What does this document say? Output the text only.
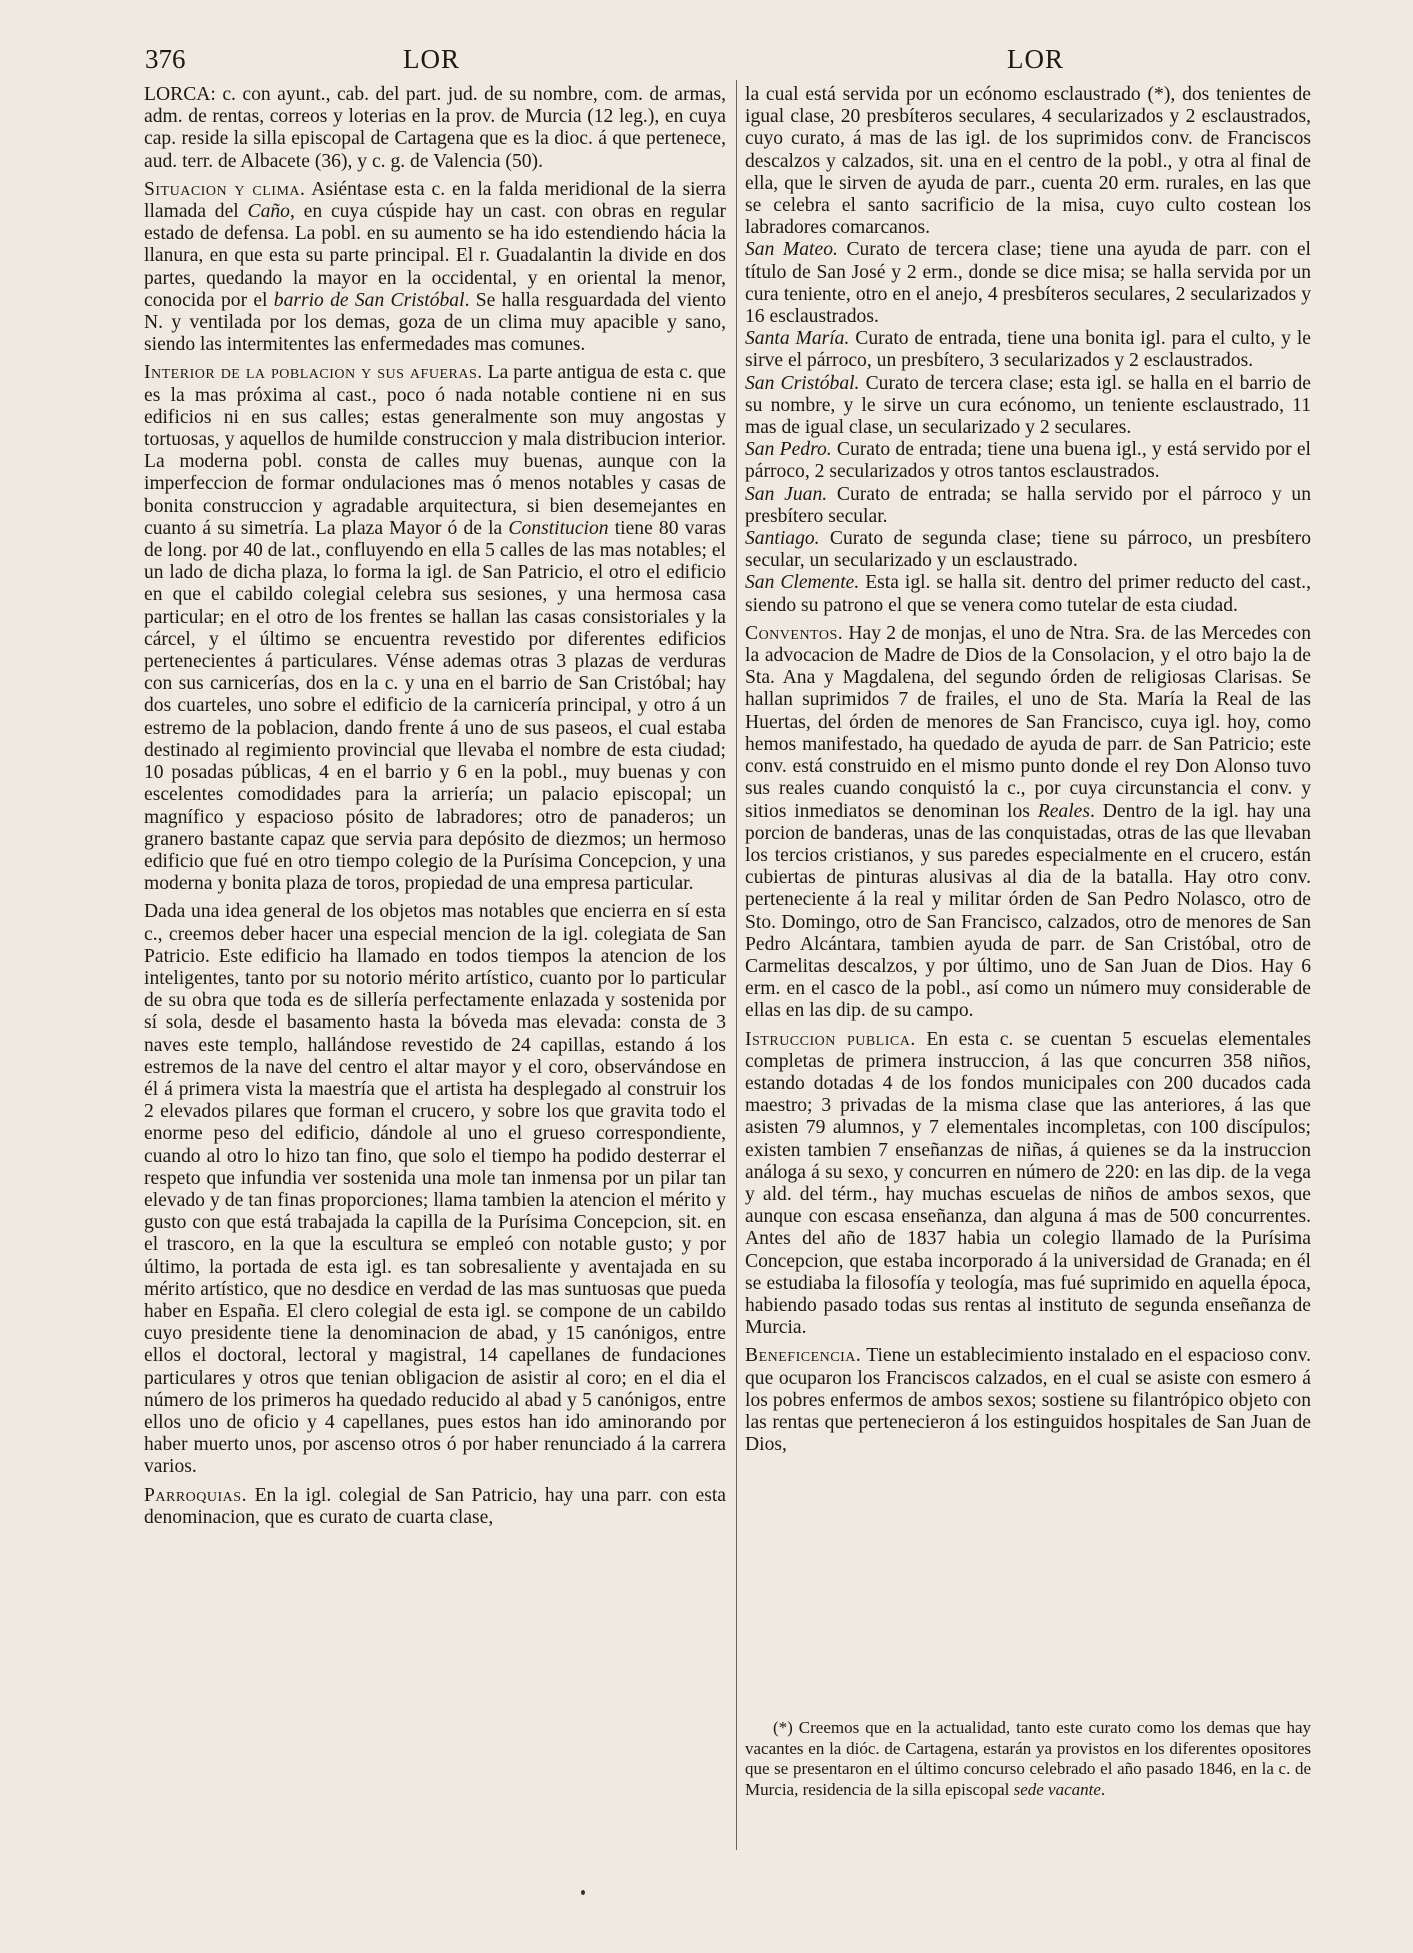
376	LOR	LOR

LORCA: c. con ayunt., cab. del part. jud. de su nombre, com. de armas, adm. de rentas, correos y loterias en la prov. de Murcia (12 leg.), en cuya cap. reside la silla episcopal de Cartagena que es la dioc. á que pertenece, aud. terr. de Albacete (36), y c. g. de Valencia (50).

Situacion y clima. Asiéntase esta c. en la falda meridional de la sierra llamada del Caño, en cuya cúspide hay un cast. con obras en regular estado de defensa. La pobl. en su aumento se ha ido estendiendo hácia la llanura, en que esta su parte principal. El r. Guadalantin la divide en dos partes, quedando la mayor en la occidental, y en oriental la menor, conocida por el barrio de San Cristóbal. Se halla resguardada del viento N. y ventilada por los demas, goza de un clima muy apacible y sano, siendo las intermitentes las enfermedades mas comunes.

Interior de la poblacion y sus afueras. La parte antigua de esta c. que es la mas próxima al cast., poco ó nada notable contiene ni en sus edificios ni en sus calles; estas generalmente son muy angostas y tortuosas, y aquellos de humilde construccion y mala distribucion interior. La moderna pobl. consta de calles muy buenas, aunque con la imperfeccion de formar ondulaciones mas ó menos notables y casas de bonita construccion y agradable arquitectura, si bien desemejantes en cuanto á su simetría. La plaza Mayor ó de la Constitucion tiene 80 varas de long. por 40 de lat., confluyendo en ella 5 calles de las mas notables; el un lado de dicha plaza, lo forma la igl. de San Patricio, el otro el edificio en que el cabildo colegial celebra sus sesiones, y una hermosa casa particular; en el otro de los frentes se hallan las casas consistoriales y la cárcel, y el último se encuentra revestido por diferentes edificios pertenecientes á particulares. Vénse ademas otras 3 plazas de verduras con sus carnicerías, dos en la c. y una en el barrio de San Cristóbal; hay dos cuarteles, uno sobre el edificio de la carnicería principal, y otro á un estremo de la poblacion, dando frente á uno de sus paseos, el cual estaba destinado al regimiento provincial que llevaba el nombre de esta ciudad; 10 posadas públicas, 4 en el barrio y 6 en la pobl., muy buenas y con escelentes comodidades para la arriería; un palacio episcopal; un magnífico y espacioso pósito de labradores; otro de panaderos; un granero bastante capaz que servia para depósito de diezmos; un hermoso edificio que fué en otro tiempo colegio de la Purísima Concepcion, y una moderna y bonita plaza de toros, propiedad de una empresa particular.

Dada una idea general de los objetos mas notables que encierra en sí esta c., creemos deber hacer una especial mencion de la igl. colegiata de San Patricio. Este edificio ha llamado en todos tiempos la atencion de los inteligentes, tanto por su notorio mérito artístico, cuanto por lo particular de su obra que toda es de sillería perfectamente enlazada y sostenida por sí sola, desde el basamento hasta la bóveda mas elevada: consta de 3 naves este templo, hallándose revestido de 24 capillas, estando á los estremos de la nave del centro el altar mayor y el coro, observándose en él á primera vista la maestría que el artista ha desplegado al construir los 2 elevados pilares que forman el crucero, y sobre los que gravita todo el enorme peso del edificio, dándole al uno el grueso correspondiente, cuando al otro lo hizo tan fino, que solo el tiempo ha podido desterrar el respeto que infundia ver sostenida una mole tan inmensa por un pilar tan elevado y de tan finas proporciones; llama tambien la atencion el mérito y gusto con que está trabajada la capilla de la Purísima Concepcion, sit. en el trascoro, en la que la escultura se empleó con notable gusto; y por último, la portada de esta igl. es tan sobresaliente y aventajada en su mérito artístico, que no desdice en verdad de las mas suntuosas que pueda haber en España. El clero colegial de esta igl. se compone de un cabildo cuyo presidente tiene la denominacion de abad, y 15 canónigos, entre ellos el doctoral, lectoral y magistral, 14 capellanes de fundaciones particulares y otros que tenian obligacion de asistir al coro; en el dia el número de los primeros ha quedado reducido al abad y 5 canónigos, entre ellos uno de oficio y 4 capellanes, pues estos han ido aminorando por haber muerto unos, por ascenso otros ó por haber renunciado á la carrera varios.

Parroquias. En la igl. colegial de San Patricio, hay una parr. con esta denominacion, que es curato de cuarta clase,

la cual está servida por un ecónomo esclaustrado (*), dos tenientes de igual clase, 20 presbíteros seculares, 4 secularizados y 2 esclaustrados, cuyo curato, á mas de las igl. de los suprimidos conv. de Franciscos descalzos y calzados, sit. una en el centro de la pobl., y otra al final de ella, que le sirven de ayuda de parr., cuenta 20 erm. rurales, en las que se celebra el santo sacrificio de la misa, cuyo culto costean los labradores comarcanos.

San Mateo. Curato de tercera clase; tiene una ayuda de parr. con el título de San José y 2 erm., donde se dice misa; se halla servida por un cura teniente, otro en el anejo, 4 presbíteros seculares, 2 secularizados y 16 esclaustrados.

Santa María. Curato de entrada, tiene una bonita igl. para el culto, y le sirve el párroco, un presbítero, 3 secularizados y 2 esclaustrados.

San Cristóbal. Curato de tercera clase; esta igl. se halla en el barrio de su nombre, y le sirve un cura ecónomo, un teniente esclaustrado, 11 mas de igual clase, un secularizado y 2 seculares.

San Pedro. Curato de entrada; tiene una buena igl., y está servido por el párroco, 2 secularizados y otros tantos esclaustrados.

San Juan. Curato de entrada; se halla servido por el párroco y un presbítero secular.

Santiago. Curato de segunda clase; tiene su párroco, un presbítero secular, un secularizado y un esclaustrado.

San Clemente. Esta igl. se halla sit. dentro del primer reducto del cast., siendo su patrono el que se venera como tutelar de esta ciudad.

Conventos. Hay 2 de monjas, el uno de Ntra. Sra. de las Mercedes con la advocacion de Madre de Dios de la Consolacion, y el otro bajo la de Sta. Ana y Magdalena, del segundo órden de religiosas Clarisas. Se hallan suprimidos 7 de frailes, el uno de Sta. María la Real de las Huertas, del órden de menores de San Francisco, cuya igl. hoy, como hemos manifestado, ha quedado de ayuda de parr. de San Patricio; este conv. está construido en el mismo punto donde el rey Don Alonso tuvo sus reales cuando conquistó la c., por cuya circunstancia el conv. y sitios inmediatos se denominan los Reales. Dentro de la igl. hay una porcion de banderas, unas de las conquistadas, otras de las que llevaban los tercios cristianos, y sus paredes especialmente en el crucero, están cubiertas de pinturas alusivas al dia de la batalla. Hay otro conv. perteneciente á la real y militar órden de San Pedro Nolasco, otro de Sto. Domingo, otro de San Francisco, calzados, otro de menores de San Pedro Alcántara, tambien ayuda de parr. de San Cristóbal, otro de Carmelitas descalzos, y por último, uno de San Juan de Dios. Hay 6 erm. en el casco de la pobl., así como un número muy considerable de ellas en las dip. de su campo.

Istruccion publica. En esta c. se cuentan 5 escuelas elementales completas de primera instruccion, á las que concurren 358 niños, estando dotadas 4 de los fondos municipales con 200 ducados cada maestro; 3 privadas de la misma clase que las anteriores, á las que asisten 79 alumnos, y 7 elementales incompletas, con 100 discípulos; existen tambien 7 enseñanzas de niñas, á quienes se da la instruccion análoga á su sexo, y concurren en número de 220: en las dip. de la vega y ald. del térm., hay muchas escuelas de niños de ambos sexos, que aunque con escasa enseñanza, dan alguna á mas de 500 concurrentes. Antes del año de 1837 habia un colegio llamado de la Purísima Concepcion, que estaba incorporado á la universidad de Granada; en él se estudiaba la filosofía y teología, mas fué suprimido en aquella época, habiendo pasado todas sus rentas al instituto de segunda enseñanza de Murcia.

Beneficencia. Tiene un establecimiento instalado en el espacioso conv. que ocuparon los Franciscos calzados, en el cual se asiste con esmero á los pobres enfermos de ambos sexos; sostiene su filantrópico objeto con las rentas que pertenecieron á los estinguidos hospitales de San Juan de Dios,

(*) Creemos que en la actualidad, tanto este curato como los demas que hay vacantes en la dióc. de Cartagena, estarán ya provistos en los diferentes opositores que se presentaron en el último concurso celebrado el año pasado 1846, en la c. de Murcia, residencia de la silla episcopal sede vacante.
